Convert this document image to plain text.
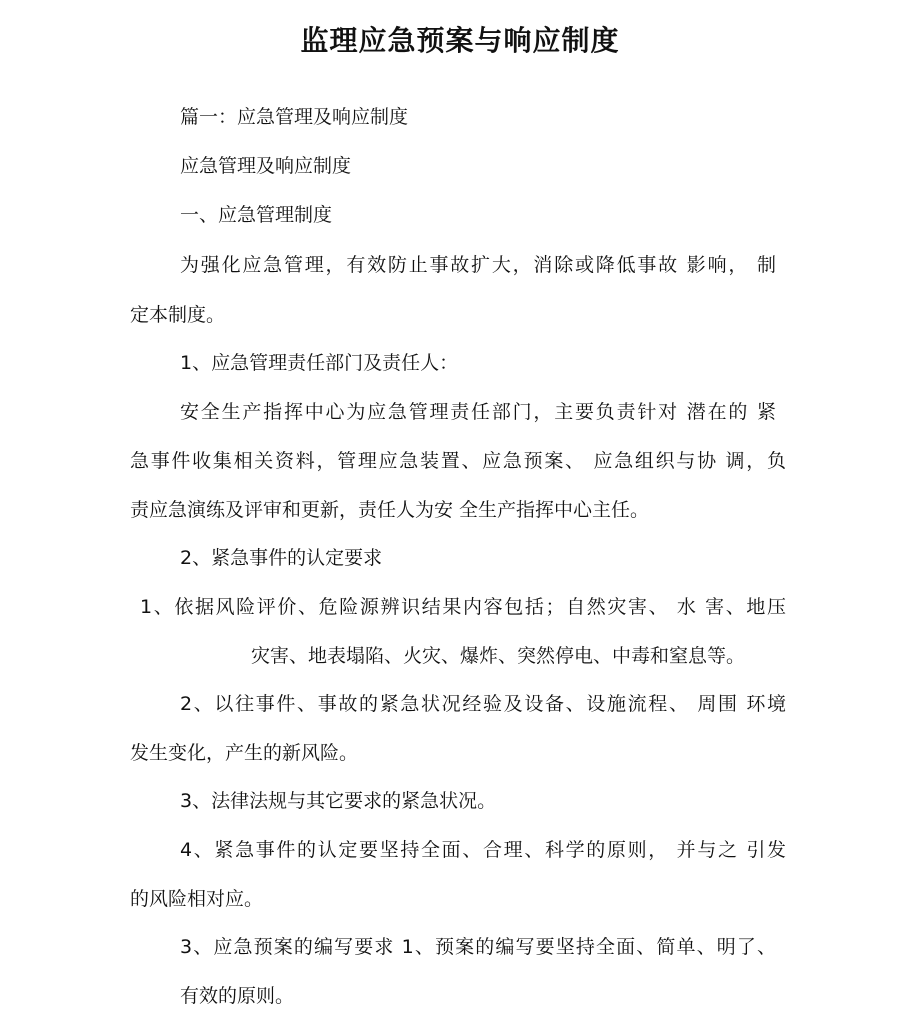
监理应急预案与响应制度

篇一：应急管理及响应制度

应急管理及响应制度

一、应急管理制度

为强化应急管理，有效防止事故扩大，消除或降低事故 影响， 制

定本制度。

1、应急管理责任部门及责任人：

安全生产指挥中心为应急管理责任部门，主要负责针对 潜在的 紧

急事件收集相关资料，管理应急装置、应急预案、 应急组织与协 调，负

责应急演练及评审和更新，责任人为安 全生产指挥中心主任。

2、紧急事件的认定要求

1、依据风险评价、危险源辨识结果内容包括；自然灾害、 水 害、地压

灾害、地表塌陷、火灾、爆炸、突然停电、中毒和窒息等。

2、以往事件、事故的紧急状况经验及设备、设施流程、 周围 环境

发生变化，产生的新风险。

3、法律法规与其它要求的紧急状况。

4、紧急事件的认定要坚持全面、合理、科学的原则， 并与之 引发

的风险相对应。

3、应急预案的编写要求 1、预案的编写要坚持全面、简单、明了、

有效的原则。
